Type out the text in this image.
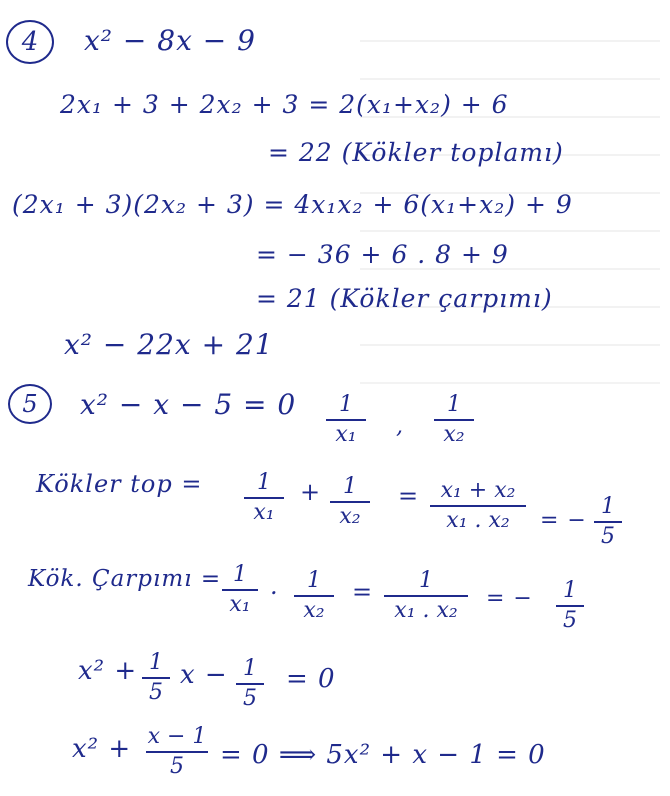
4	x² − 8x − 9
2x₁ + 3 + 2x₂ + 3 = 2(x₁+x₂) + 6
= 22 (Kökler toplamı)
(2x₁ + 3)(2x₂ + 3) = 4x₁x₂ + 6(x₁+x₂) + 9
= − 36 + 6 . 8 + 9
= 21 (Kökler çarpımı)
x² − 22x + 21
5	x² − x − 5 = 0	1
x₁	,
1
x₂
Kökler top =	1
x₁
+ 1
x₂
= x₁ + x₂
x₁ . x₂	= −
1
5
Kök. Çarpımı = 1
x₁
.	1
x₂
=	1
x₁ . x₂	= −	1
5
x² + 1
5
x − 1
5
= 0
x² + x − 1
5	= 0 ⟹ 5x² + x − 1 = 0
